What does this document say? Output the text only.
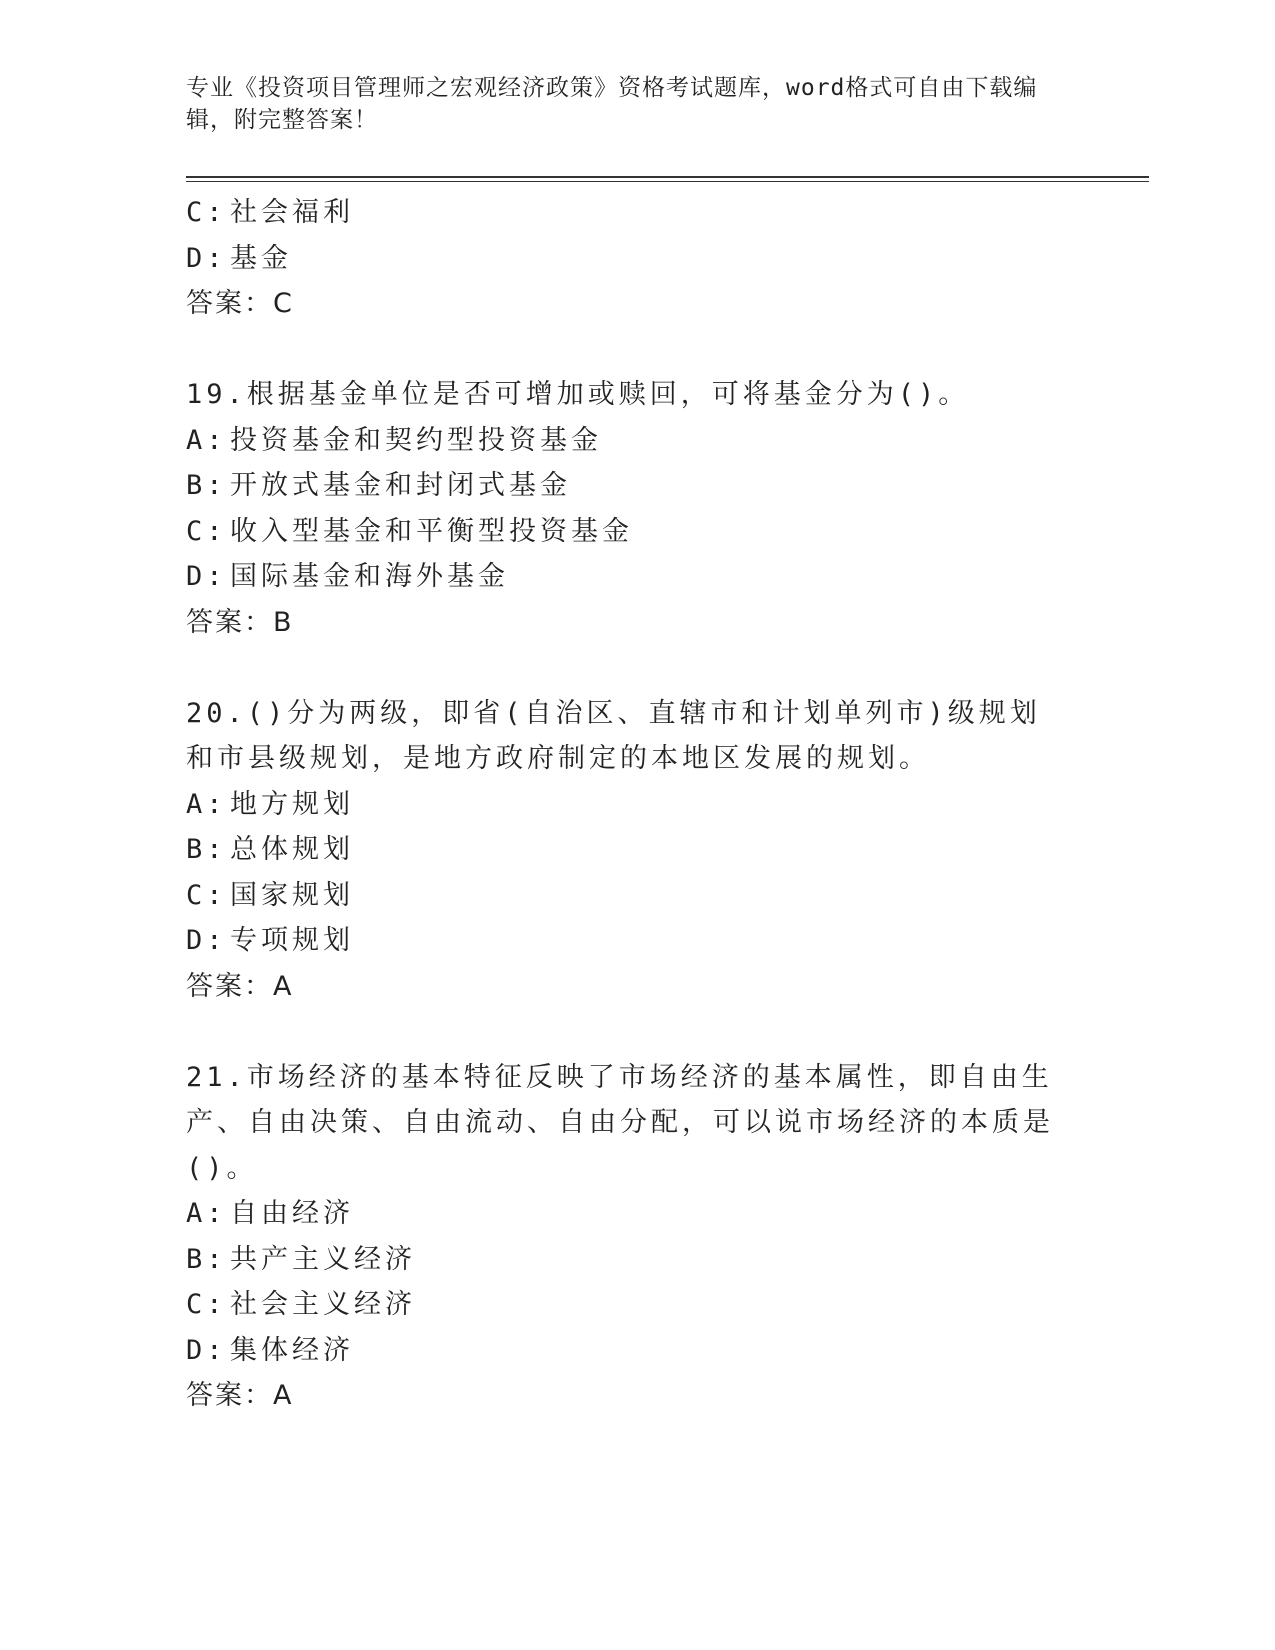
专业《投资项目管理师之宏观经济政策》资格考试题库，word格式可自由下载编辑，附完整答案！
C: 社会福利
D: 基金
答案：C
19.根据基金单位是否可增加或赎回，可将基金分为()。
A: 投资基金和契约型投资基金
B: 开放式基金和封闭式基金
C: 收入型基金和平衡型投资基金
D: 国际基金和海外基金
答案：B
20.()分为两级，即省(自治区、直辖市和计划单列市)级规划和市县级规划，是地方政府制定的本地区发展的规划。
A: 地方规划
B: 总体规划
C: 国家规划
D: 专项规划
答案：A
21.市场经济的基本特征反映了市场经济的基本属性，即自由生产、自由决策、自由流动、自由分配，可以说市场经济的本质是()。
A: 自由经济
B: 共产主义经济
C: 社会主义经济
D: 集体经济
答案：A
